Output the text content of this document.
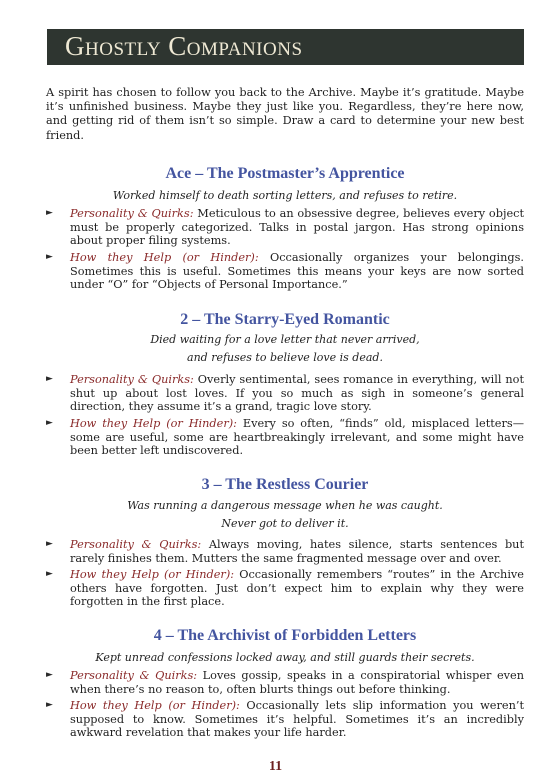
Ghostly Companions

A spirit has chosen to follow you back to the Archive. Maybe it’s gratitude. Maybe it’s unfinished business. Maybe they just like you. Regardless, they’re here now, and getting rid of them isn’t so simple. Draw a card to determine your new best friend.

Ace – The Postmaster’s Apprentice
Worked himself to death sorting letters, and refuses to retire.
► Personality & Quirks: Meticulous to an obsessive degree, believes every object must be properly categorized. Talks in postal jargon. Has strong opinions about proper filing systems.
► How they Help (or Hinder): Occasionally organizes your belongings. Sometimes this is useful. Sometimes this means your keys are now sorted under “O” for “Objects of Personal Importance.”
2 – The Starry-Eyed Romantic
Died waiting for a love letter that never arrived,
and refuses to believe love is dead.
► Personality & Quirks: Overly sentimental, sees romance in everything, will not shut up about lost loves. If you so much as sigh in someone’s general direction, they assume it’s a grand, tragic love story.
► How they Help (or Hinder): Every so often, “finds” old, misplaced letters—some are useful, some are heartbreakingly irrelevant, and some might have been better left undiscovered.
3 – The Restless Courier
Was running a dangerous message when he was caught.
Never got to deliver it.
► Personality & Quirks: Always moving, hates silence, starts sentences but rarely finishes them. Mutters the same fragmented message over and over.
► How they Help (or Hinder): Occasionally remembers “routes” in the Archive others have forgotten. Just don’t expect him to explain why they were forgotten in the first place.
4 – The Archivist of Forbidden Letters
Kept unread confessions locked away, and still guards their secrets.
► Personality & Quirks: Loves gossip, speaks in a conspiratorial whisper even when there’s no reason to, often blurts things out before thinking.
► How they Help (or Hinder): Occasionally lets slip information you weren’t supposed to know. Sometimes it’s helpful. Sometimes it’s an incredibly awkward revelation that makes your life harder.
11
